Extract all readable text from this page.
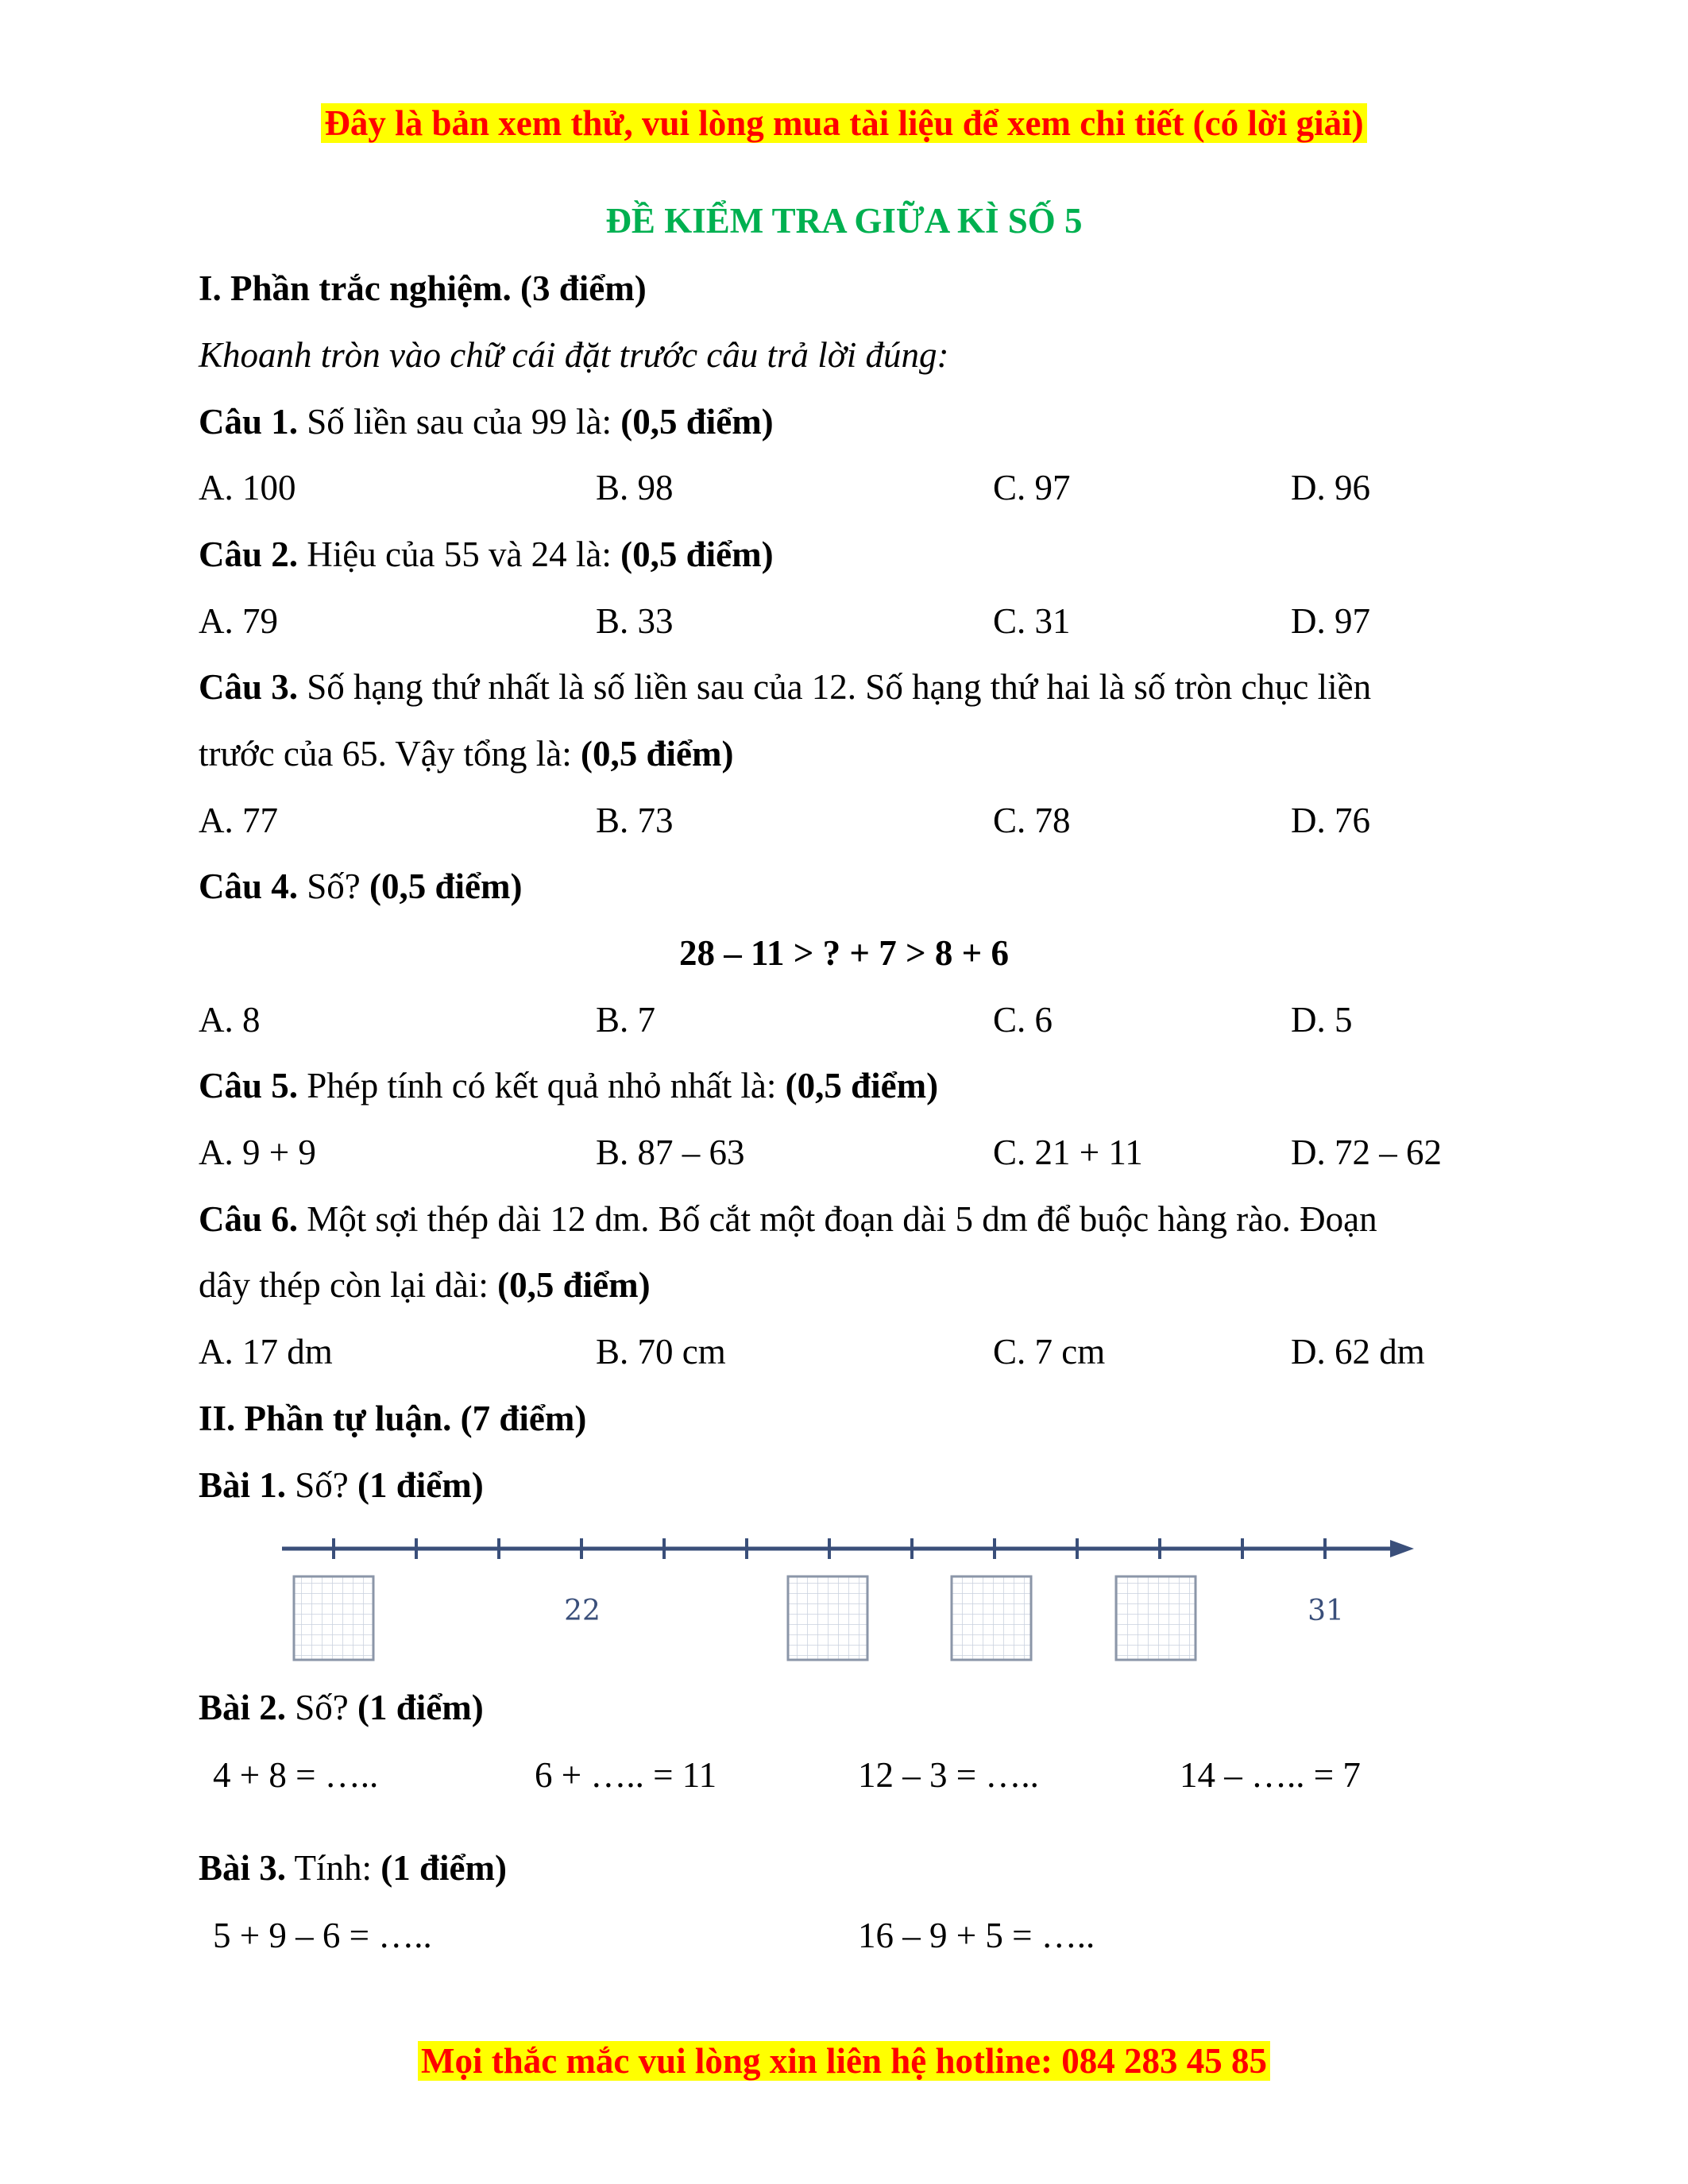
Đây là bản xem thử, vui lòng mua tài liệu để xem chi tiết (có lời giải)
ĐỀ KIỂM TRA GIỮA KÌ SỐ 5
I. Phần trắc nghiệm. (3 điểm)
Khoanh tròn vào chữ cái đặt trước câu trả lời đúng:
Câu 1. Số liền sau của 99 là: (0,5 điểm)
A. 100	B. 98	C. 97	D. 96
Câu 2. Hiệu của 55 và 24 là: (0,5 điểm)
A. 79	B. 33	C. 31	D. 97
Câu 3. Số hạng thứ nhất là số liền sau của 12. Số hạng thứ hai là số tròn chục liền
trước của 65. Vậy tổng là: (0,5 điểm)
A. 77	B. 73	C. 78	D. 76
Câu 4. Số? (0,5 điểm)
28 – 11 > ? + 7 > 8 + 6
A. 8	B. 7	C. 6	D. 5
Câu 5. Phép tính có kết quả nhỏ nhất là: (0,5 điểm)
A. 9 + 9	B. 87 – 63	C. 21 + 11	D. 72 – 62
Câu 6. Một sợi thép dài 12 dm. Bố cắt một đoạn dài 5 dm để buộc hàng rào. Đoạn
dây thép còn lại dài: (0,5 điểm)
A. 17 dm	B. 70 cm	C. 7 cm	D. 62 dm
II. Phần tự luận. (7 điểm)
Bài 1. Số? (1 điểm)
22	31
Bài 2. Số? (1 điểm)
4 + 8 = …..	6 + ….. = 11	12 – 3 = …..	14 – ….. = 7
Bài 3. Tính: (1 điểm)
5 + 9 – 6 = …..	16 – 9 + 5 = …..
Mọi thắc mắc vui lòng xin liên hệ hotline: 084 283 45 85
